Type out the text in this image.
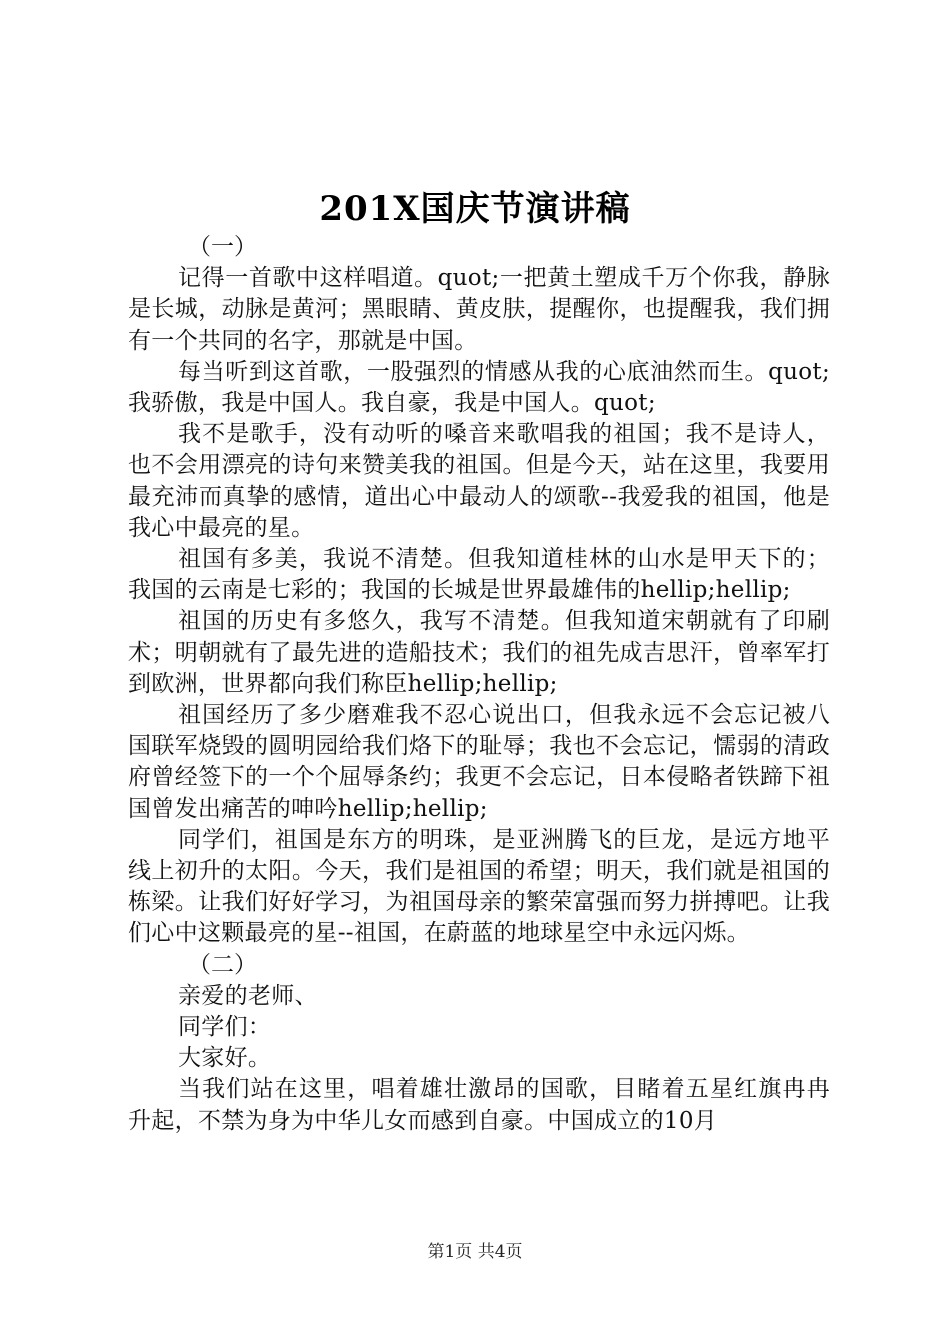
201X国庆节演讲稿

（一）

记得一首歌中这样唱道。quot;一把黄土塑成千万个你我，静脉是长城，动脉是黄河；黑眼睛、黄皮肤，提醒你，也提醒我，我们拥有一个共同的名字，那就是中国。

每当听到这首歌，一股强烈的情感从我的心底油然而生。quot;我骄傲，我是中国人。我自豪，我是中国人。quot;

我不是歌手，没有动听的嗓音来歌唱我的祖国；我不是诗人，也不会用漂亮的诗句来赞美我的祖国。但是今天，站在这里，我要用最充沛而真挚的感情，道出心中最动人的颂歌--我爱我的祖国，他是我心中最亮的星。

祖国有多美，我说不清楚。但我知道桂林的山水是甲天下的；我国的云南是七彩的；我国的长城是世界最雄伟的hellip;hellip;

祖国的历史有多悠久，我写不清楚。但我知道宋朝就有了印刷术；明朝就有了最先进的造船技术；我们的祖先成吉思汗，曾率军打到欧洲，世界都向我们称臣hellip;hellip;

祖国经历了多少磨难我不忍心说出口，但我永远不会忘记被八国联军烧毁的圆明园给我们烙下的耻辱；我也不会忘记，懦弱的清政府曾经签下的一个个屈辱条约；我更不会忘记，日本侵略者铁蹄下祖国曾发出痛苦的呻吟hellip;hellip;

同学们，祖国是东方的明珠，是亚洲腾飞的巨龙，是远方地平线上初升的太阳。今天，我们是祖国的希望；明天，我们就是祖国的栋梁。让我们好好学习，为祖国母亲的繁荣富强而努力拼搏吧。让我们心中这颗最亮的星--祖国，在蔚蓝的地球星空中永远闪烁。

（二）

亲爱的老师、

同学们：

大家好。

当我们站在这里，唱着雄壮激昂的国歌，目睹着五星红旗冉冉升起，不禁为身为中华儿女而感到自豪。中国成立的10月

第1页 共4页
